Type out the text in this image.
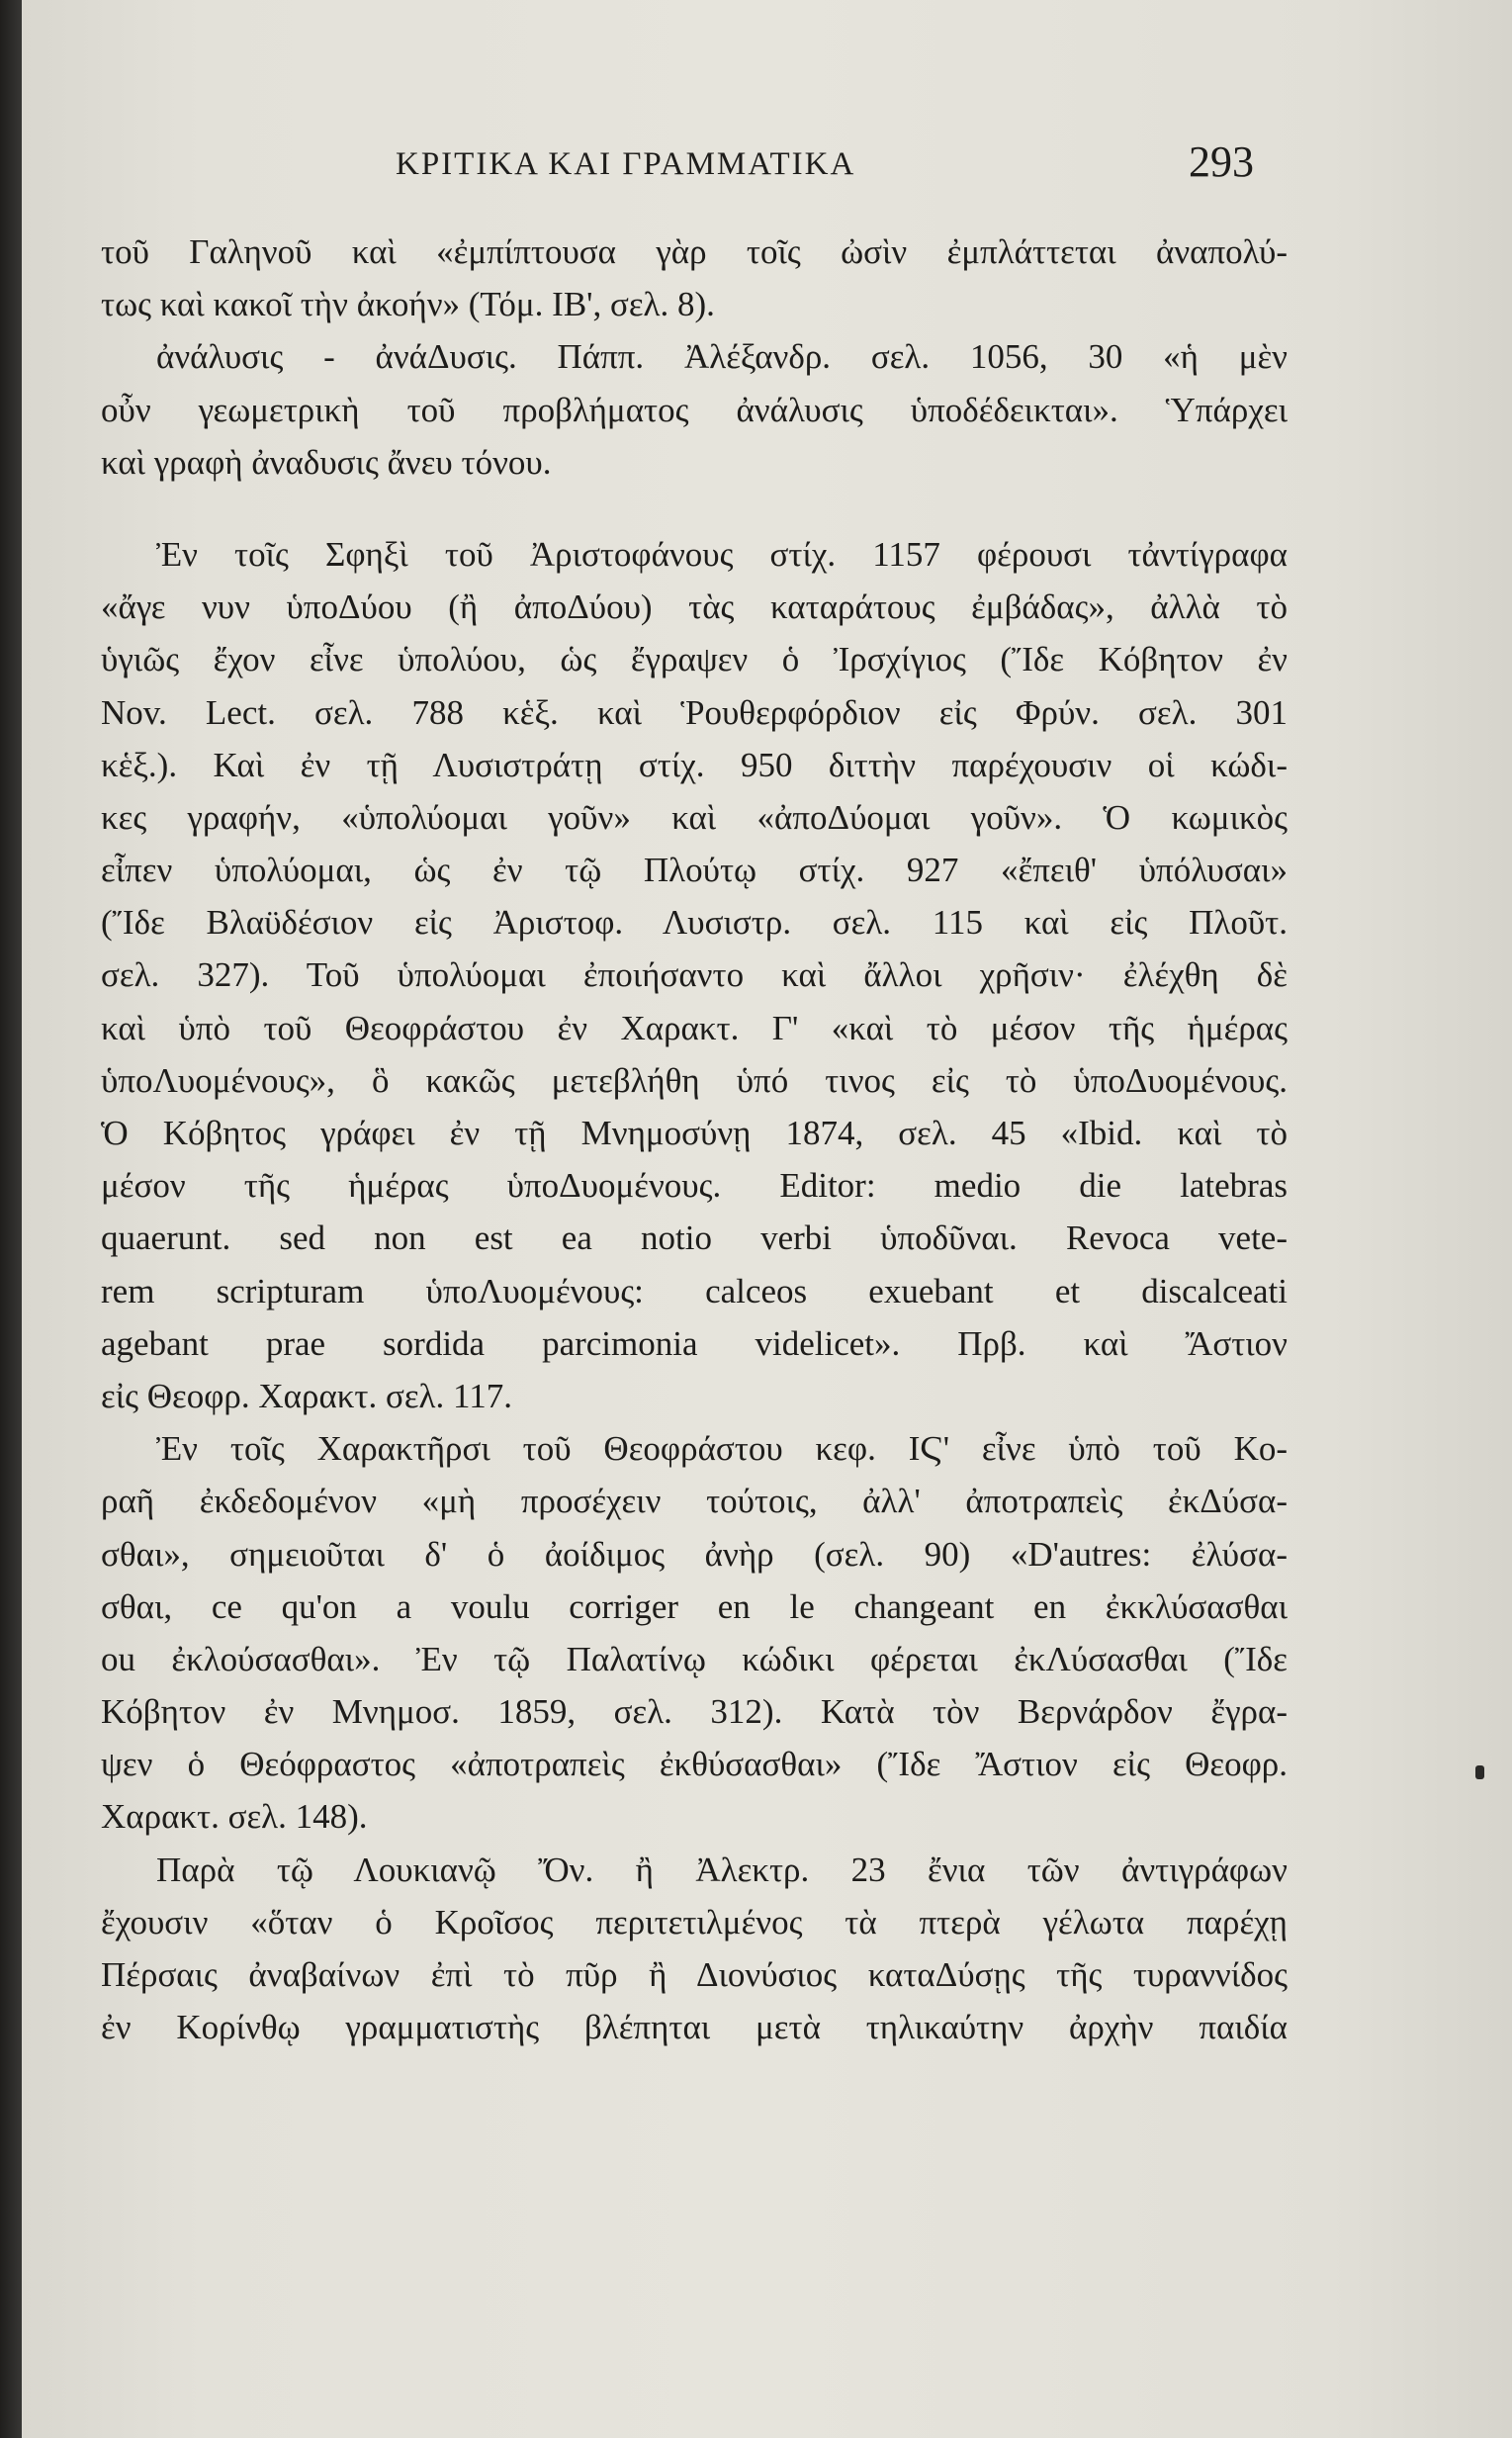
ΚΡΙΤΙΚΑ ΚΑΙ ΓΡΑΜΜΑΤΙΚΑ	293
τοῦ Γαληνοῦ καὶ «ἐμπίπτουσα γὰρ τοῖς ὠσὶν ἐμπλάττεται ἀναπολύ-
τως καὶ κακοῖ τὴν ἀκοήν» (Τόμ. ΙΒ', σελ. 8).
ἀνάλυσις - ἀνάΔυσις. Πάππ. Ἀλέξανδρ. σελ. 1056, 30 «ἡ μὲν
οὖν γεωμετρικὴ τοῦ προβλήματος ἀνάλυσις ὑποδέδεικται». Ὑπάρχει
καὶ γραφὴ ἀναδυσις ἄνευ τόνου.
Ἐν τοῖς Σφηξὶ τοῦ Ἀριστοφάνους στίχ. 1157 φέρουσι τἀντίγραφα
«ἄγε νυν ὑποΔύου (ἢ ἀποΔύου) τὰς καταράτους ἐμβάδας», ἀλλὰ τὸ
ὑγιῶς ἔχον εἶνε ὑπολύου, ὡς ἔγραψεν ὁ Ἰρσχίγιος (Ἴδε Κόβητον ἐν
Nov. Lect. σελ. 788 κἑξ. καὶ Ῥουθερφόρδιον εἰς Φρύν. σελ. 301
κἑξ.). Καὶ ἐν τῇ Λυσιστράτῃ στίχ. 950 διττὴν παρέχουσιν οἱ κώδι-
κες γραφήν, «ὑπολύομαι γοῦν» καὶ «ἀποΔύομαι γοῦν». Ὁ κωμικὸς
εἶπεν ὑπολύομαι, ὡς ἐν τῷ Πλούτῳ στίχ. 927 «ἔπειθ' ὑπόλυσαι»
(Ἴδε Βλαϋδέσιον εἰς Ἀριστοφ. Λυσιστρ. σελ. 115 καὶ εἰς Πλοῦτ.
σελ. 327). Τοῦ ὑπολύομαι ἐποιήσαντο καὶ ἄλλοι χρῆσιν· ἐλέχθη δὲ
καὶ ὑπὸ τοῦ Θεοφράστου ἐν Χαρακτ. Γ' «καὶ τὸ μέσον τῆς ἡμέρας
ὑποΛυομένους», ὃ κακῶς μετεβλήθη ὑπό τινος εἰς τὸ ὑποΔυομένους.
Ὁ Κόβητος γράφει ἐν τῇ Μνημοσύνῃ 1874, σελ. 45 «Ibid. καὶ τὸ
μέσον τῆς ἡμέρας ὑποΔυομένους. Editor: medio die latebras
quaerunt. sed non est ea notio verbi ὑποδῦναι. Revoca vete-
rem scripturam ὑποΛυομένους: calceos exuebant et discalceati
agebant prae sordida parcimonia videlicet». Πρβ. καὶ Ἄστιον
εἰς Θεοφρ. Χαρακτ. σελ. 117.
Ἐν τοῖς Χαρακτῆρσι τοῦ Θεοφράστου κεφ. ΙϚ' εἶνε ὑπὸ τοῦ Κο-
ραῆ ἐκδεδομένον «μὴ προσέχειν τούτοις, ἀλλ' ἀποτραπεὶς ἐκΔύσα-
σθαι», σημειοῦται δ' ὁ ἀοίδιμος ἀνὴρ (σελ. 90) «D'autres: ἐλύσα-
σθαι, ce qu'on a voulu corriger en le changeant en ἐκκλύσασθαι
ou ἐκλούσασθαι». Ἐν τῷ Παλατίνῳ κώδικι φέρεται ἐκΛύσασθαι (Ἴδε
Κόβητον ἐν Μνημοσ. 1859, σελ. 312). Κατὰ τὸν Βερνάρδον ἔγρα-
ψεν ὁ Θεόφραστος «ἀποτραπεὶς ἐκθύσασθαι» (Ἴδε Ἄστιον εἰς Θεοφρ.
Χαρακτ. σελ. 148).
Παρὰ τῷ Λουκιανῷ Ὄν. ἢ Ἀλεκτρ. 23 ἔνια τῶν ἀντιγράφων
ἔχουσιν «ὅταν ὁ Κροῖσος περιτετιλμένος τὰ πτερὰ γέλωτα παρέχῃ
Πέρσαις ἀναβαίνων ἐπὶ τὸ πῦρ ἢ Διονύσιος καταΔύσῃς τῆς τυραννίδος
ἐν Κορίνθῳ γραμματιστὴς βλέπηται μετὰ τηλικαύτην ἀρχὴν παιδία
